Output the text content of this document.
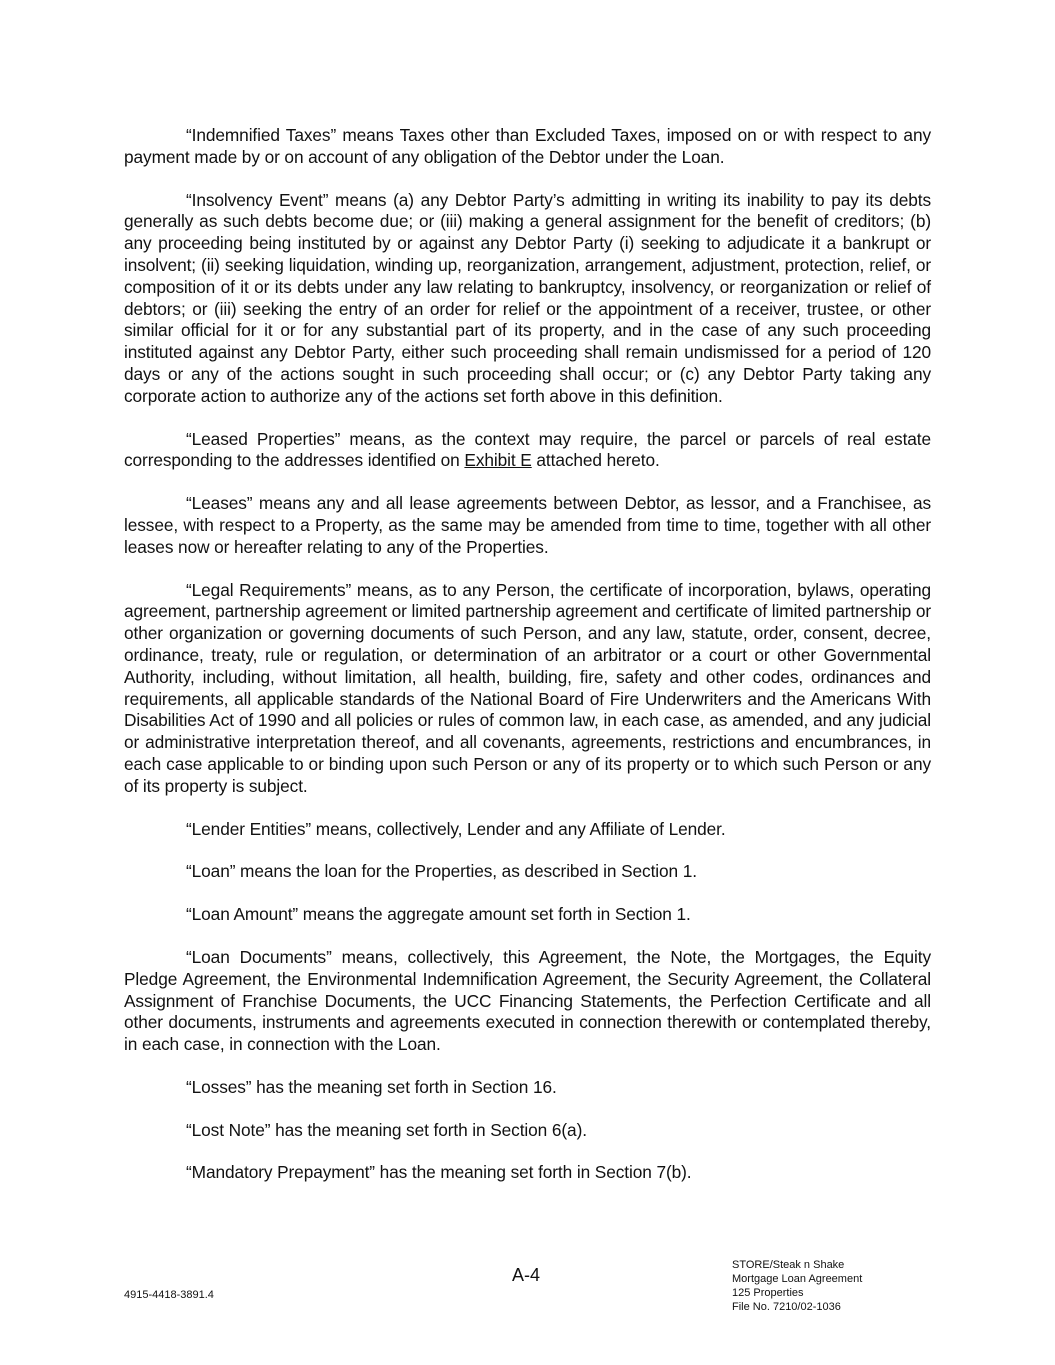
“Indemnified Taxes” means Taxes other than Excluded Taxes, imposed on or with respect to any payment made by or on account of any obligation of the Debtor under the Loan.

“Insolvency Event” means (a) any Debtor Party’s admitting in writing its inability to pay its debts generally as such debts become due; or (iii) making a general assignment for the benefit of creditors; (b) any proceeding being instituted by or against any Debtor Party (i) seeking to adjudicate it a bankrupt or insolvent; (ii) seeking liquidation, winding up, reorganization, arrangement, adjustment, protection, relief, or composition of it or its debts under any law relating to bankruptcy, insolvency, or reorganization or relief of debtors; or (iii) seeking the entry of an order for relief or the appointment of a receiver, trustee, or other similar official for it or for any substantial part of its property, and in the case of any such proceeding instituted against any Debtor Party, either such proceeding shall remain undismissed for a period of 120 days or any of the actions sought in such proceeding shall occur; or (c) any Debtor Party taking any corporate action to authorize any of the actions set forth above in this definition.

“Leased Properties” means, as the context may require, the parcel or parcels of real estate corresponding to the addresses identified on Exhibit E attached hereto.

“Leases” means any and all lease agreements between Debtor, as lessor, and a Franchisee, as lessee, with respect to a Property, as the same may be amended from time to time, together with all other leases now or hereafter relating to any of the Properties.

“Legal Requirements” means, as to any Person, the certificate of incorporation, bylaws, operating agreement, partnership agreement or limited partnership agreement and certificate of limited partnership or other organization or governing documents of such Person, and any law, statute, order, consent, decree, ordinance, treaty, rule or regulation, or determination of an arbitrator or a court or other Governmental Authority, including, without limitation, all health, building, fire, safety and other codes, ordinances and requirements, all applicable standards of the National Board of Fire Underwriters and the Americans With Disabilities Act of 1990 and all policies or rules of common law, in each case, as amended, and any judicial or administrative interpretation thereof, and all covenants, agreements, restrictions and encumbrances, in each case applicable to or binding upon such Person or any of its property or to which such Person or any of its property is subject.

“Lender Entities” means, collectively, Lender and any Affiliate of Lender.

“Loan” means the loan for the Properties, as described in Section 1.

“Loan Amount” means the aggregate amount set forth in Section 1.

“Loan Documents” means, collectively, this Agreement, the Note, the Mortgages, the Equity Pledge Agreement, the Environmental Indemnification Agreement, the Security Agreement, the Collateral Assignment of Franchise Documents, the UCC Financing Statements, the Perfection Certificate and all other documents, instruments and agreements executed in connection therewith or contemplated thereby, in each case, in connection with the Loan.

“Losses” has the meaning set forth in Section 16.

“Lost Note” has the meaning set forth in Section 6(a).

“Mandatory Prepayment” has the meaning set forth in Section 7(b).

A-4
4915-4418-3891.4
STORE/Steak n Shake
Mortgage Loan Agreement
125 Properties
File No. 7210/02-1036
